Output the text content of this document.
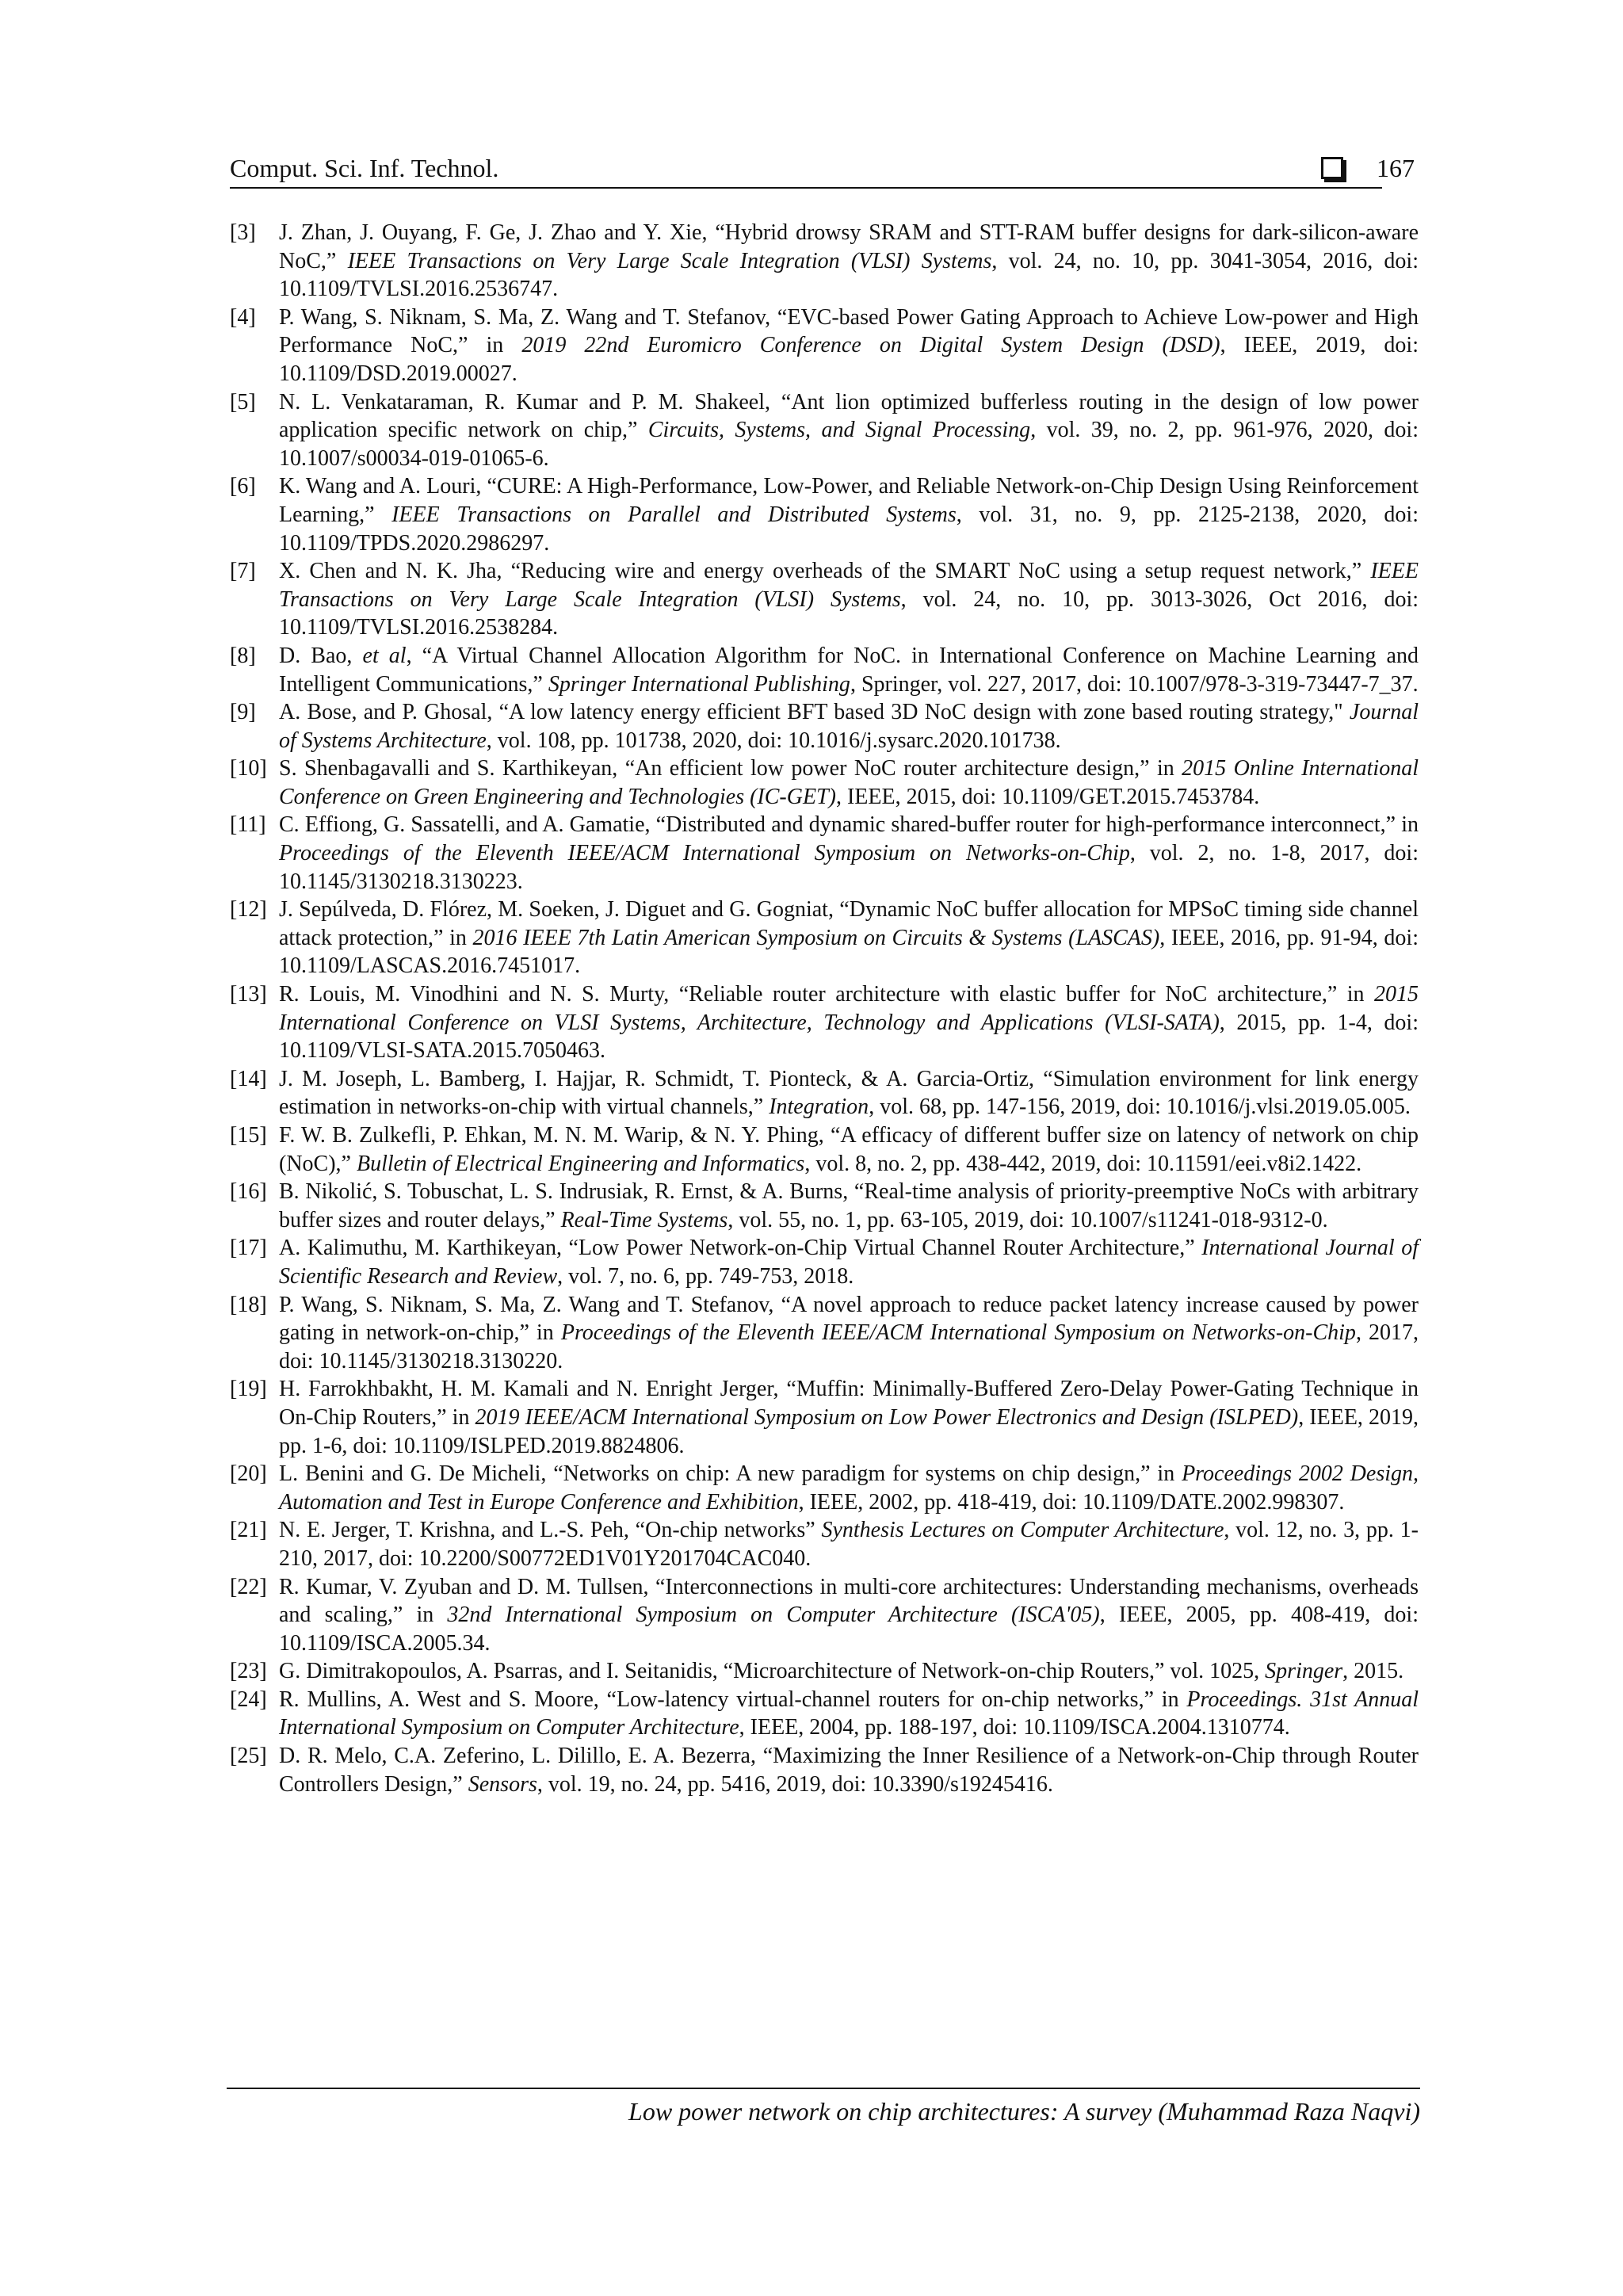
Comput. Sci. Inf. Technol.	167
[3]	J. Zhan, J. Ouyang, F. Ge, J. Zhao and Y. Xie, “Hybrid drowsy SRAM and STT-RAM buffer designs for dark-silicon-aware NoC,” IEEE Transactions on Very Large Scale Integration (VLSI) Systems, vol. 24, no. 10, pp. 3041-3054, 2016, doi: 10.1109/TVLSI.2016.2536747.
[4]	P. Wang, S. Niknam, S. Ma, Z. Wang and T. Stefanov, “EVC-based Power Gating Approach to Achieve Low-power and High Performance NoC,” in 2019 22nd Euromicro Conference on Digital System Design (DSD), IEEE, 2019, doi: 10.1109/DSD.2019.00027.
[5]	N. L. Venkataraman, R. Kumar and P. M. Shakeel, “Ant lion optimized bufferless routing in the design of low power application specific network on chip,” Circuits, Systems, and Signal Processing, vol. 39, no. 2, pp. 961-976, 2020, doi: 10.1007/s00034-019-01065-6.
[6]	K. Wang and A. Louri, “CURE: A High-Performance, Low-Power, and Reliable Network-on-Chip Design Using Reinforcement Learning,” IEEE Transactions on Parallel and Distributed Systems, vol. 31, no. 9, pp. 2125-2138, 2020, doi: 10.1109/TPDS.2020.2986297.
[7]	X. Chen and N. K. Jha, “Reducing wire and energy overheads of the SMART NoC using a setup request network,” IEEE Transactions on Very Large Scale Integration (VLSI) Systems, vol. 24, no. 10, pp. 3013-3026, Oct 2016, doi: 10.1109/TVLSI.2016.2538284.
[8]	D. Bao, et al, “A Virtual Channel Allocation Algorithm for NoC. in International Conference on Machine Learning and Intelligent Communications,” Springer International Publishing, Springer, vol. 227, 2017, doi: 10.1007/978-3-319-73447-7_37.
[9]	A. Bose, and P. Ghosal, “A low latency energy efficient BFT based 3D NoC design with zone based routing strategy," Journal of Systems Architecture, vol. 108, pp. 101738, 2020, doi: 10.1016/j.sysarc.2020.101738.
[10] S. Shenbagavalli and S. Karthikeyan, “An efficient low power NoC router architecture design,” in 2015 Online International Conference on Green Engineering and Technologies (IC-GET), IEEE, 2015, doi: 10.1109/GET.2015.7453784.
[11] C. Effiong, G. Sassatelli, and A. Gamatie, “Distributed and dynamic shared-buffer router for high-performance interconnect,” in Proceedings of the Eleventh IEEE/ACM International Symposium on Networks-on-Chip, vol. 2, no. 1-8, 2017, doi: 10.1145/3130218.3130223.
[12] J. Sepúlveda, D. Flórez, M. Soeken, J. Diguet and G. Gogniat, “Dynamic NoC buffer allocation for MPSoC timing side channel attack protection,” in 2016 IEEE 7th Latin American Symposium on Circuits & Systems (LASCAS), IEEE, 2016, pp. 91-94, doi: 10.1109/LASCAS.2016.7451017.
[13] R. Louis, M. Vinodhini and N. S. Murty, “Reliable router architecture with elastic buffer for NoC architecture,” in 2015 International Conference on VLSI Systems, Architecture, Technology and Applications (VLSI-SATA), 2015, pp. 1-4, doi: 10.1109/VLSI-SATA.2015.7050463.
[14] J. M. Joseph, L. Bamberg, I. Hajjar, R. Schmidt, T. Pionteck, & A. Garcia-Ortiz, “Simulation environment for link energy estimation in networks-on-chip with virtual channels,” Integration, vol. 68, pp. 147-156, 2019, doi: 10.1016/j.vlsi.2019.05.005.
[15] F. W. B. Zulkefli, P. Ehkan, M. N. M. Warip, & N. Y. Phing, “A efficacy of different buffer size on latency of network on chip (NoC),” Bulletin of Electrical Engineering and Informatics, vol. 8, no. 2, pp. 438-442, 2019, doi: 10.11591/eei.v8i2.1422.
[16] B. Nikolić, S. Tobuschat, L. S. Indrusiak, R. Ernst, & A. Burns, “Real-time analysis of priority-preemptive NoCs with arbitrary buffer sizes and router delays,” Real-Time Systems, vol. 55, no. 1, pp. 63-105, 2019, doi: 10.1007/s11241-018-9312-0.
[17] A. Kalimuthu, M. Karthikeyan, “Low Power Network-on-Chip Virtual Channel Router Architecture,” International Journal of Scientific Research and Review, vol. 7, no. 6, pp. 749-753, 2018.
[18] P. Wang, S. Niknam, S. Ma, Z. Wang and T. Stefanov, “A novel approach to reduce packet latency increase caused by power gating in network-on-chip,” in Proceedings of the Eleventh IEEE/ACM International Symposium on Networks-on-Chip, 2017, doi: 10.1145/3130218.3130220.
[19] H. Farrokhbakht, H. M. Kamali and N. Enright Jerger, “Muffin: Minimally-Buffered Zero-Delay Power-Gating Technique in On-Chip Routers,” in 2019 IEEE/ACM International Symposium on Low Power Electronics and Design (ISLPED), IEEE, 2019, pp. 1-6, doi: 10.1109/ISLPED.2019.8824806.
[20] L. Benini and G. De Micheli, “Networks on chip: A new paradigm for systems on chip design,” in Proceedings 2002 Design, Automation and Test in Europe Conference and Exhibition, IEEE, 2002, pp. 418-419, doi: 10.1109/DATE.2002.998307.
[21] N. E. Jerger, T. Krishna, and L.-S. Peh, “On-chip networks” Synthesis Lectures on Computer Architecture, vol. 12, no. 3, pp. 1-210, 2017, doi: 10.2200/S00772ED1V01Y201704CAC040.
[22] R. Kumar, V. Zyuban and D. M. Tullsen, “Interconnections in multi-core architectures: Understanding mechanisms, overheads and scaling,” in 32nd International Symposium on Computer Architecture (ISCA'05), IEEE, 2005, pp. 408-419, doi: 10.1109/ISCA.2005.34.
[23] G. Dimitrakopoulos, A. Psarras, and I. Seitanidis, “Microarchitecture of Network-on-chip Routers,” vol. 1025, Springer, 2015.
[24] R. Mullins, A. West and S. Moore, “Low-latency virtual-channel routers for on-chip networks,” in Proceedings. 31st Annual International Symposium on Computer Architecture, IEEE, 2004, pp. 188-197, doi: 10.1109/ISCA.2004.1310774.
[25] D. R. Melo, C.A. Zeferino, L. Dilillo, E. A. Bezerra, “Maximizing the Inner Resilience of a Network-on-Chip through Router Controllers Design,” Sensors, vol. 19, no. 24, pp. 5416, 2019, doi: 10.3390/s19245416.
Low power network on chip architectures: A survey (Muhammad Raza Naqvi)
